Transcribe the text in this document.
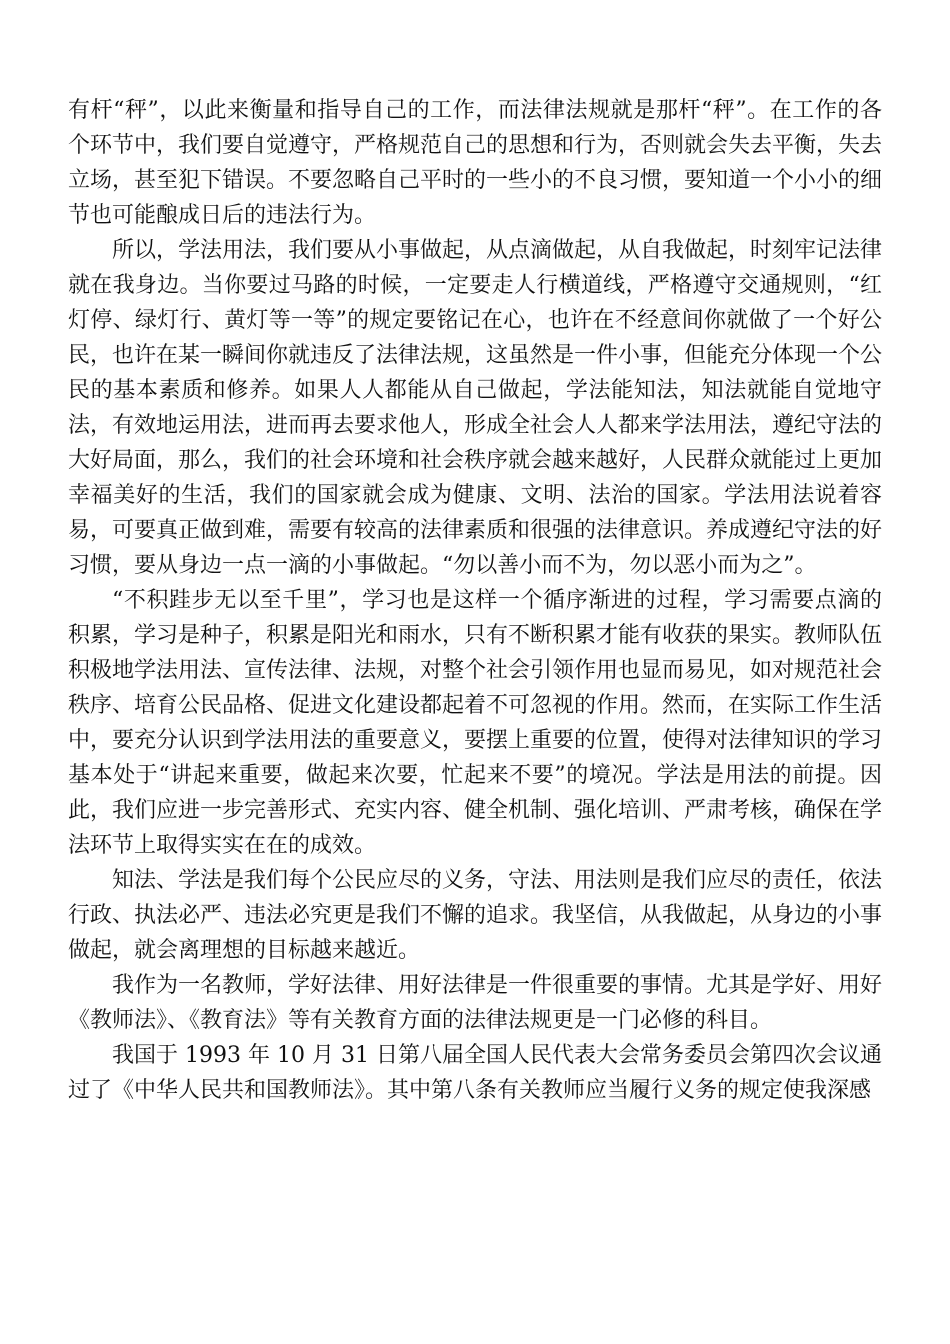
有杆“秤”，以此来衡量和指导自己的工作，而法律法规就是那杆“秤”。在工作的各个环节中，我们要自觉遵守，严格规范自己的思想和行为，否则就会失去平衡，失去立场，甚至犯下错误。不要忽略自己平时的一些小的不良习惯，要知道一个小小的细节也可能酿成日后的违法行为。

所以，学法用法，我们要从小事做起，从点滴做起，从自我做起，时刻牢记法律就在我身边。当你要过马路的时候，一定要走人行横道线，严格遵守交通规则，“红灯停、绿灯行、黄灯等一等”的规定要铭记在心，也许在不经意间你就做了一个好公民，也许在某一瞬间你就违反了法律法规，这虽然是一件小事，但能充分体现一个公民的基本素质和修养。如果人人都能从自己做起，学法能知法，知法就能自觉地守法，有效地运用法，进而再去要求他人，形成全社会人人都来学法用法，遵纪守法的大好局面，那么，我们的社会环境和社会秩序就会越来越好，人民群众就能过上更加幸福美好的生活，我们的国家就会成为健康、文明、法治的国家。学法用法说着容易，可要真正做到难，需要有较高的法律素质和很强的法律意识。养成遵纪守法的好习惯，要从身边一点一滴的小事做起。“勿以善小而不为，勿以恶小而为之”。

“不积跬步无以至千里”，学习也是这样一个循序渐进的过程，学习需要点滴的积累，学习是种子，积累是阳光和雨水，只有不断积累才能有收获的果实。教师队伍积极地学法用法、宣传法律、法规，对整个社会引领作用也显而易见，如对规范社会秩序、培育公民品格、促进文化建设都起着不可忽视的作用。然而，在实际工作生活中，要充分认识到学法用法的重要意义，要摆上重要的位置，使得对法律知识的学习基本处于“讲起来重要，做起来次要，忙起来不要”的境况。学法是用法的前提。因此，我们应进一步完善形式、充实内容、健全机制、强化培训、严肃考核，确保在学法环节上取得实实在在的成效。

知法、学法是我们每个公民应尽的义务，守法、用法则是我们应尽的责任，依法行政、执法必严、违法必究更是我们不懈的追求。我坚信，从我做起，从身边的小事做起，就会离理想的目标越来越近。

我作为一名教师，学好法律、用好法律是一件很重要的事情。尤其是学好、用好《教师法》、《教育法》等有关教育方面的法律法规更是一门必修的科目。

我国于 1993 年 10 月 31 日第八届全国人民代表大会常务委员会第四次会议通过了《中华人民共和国教师法》。其中第八条有关教师应当履行义务的规定使我深感
